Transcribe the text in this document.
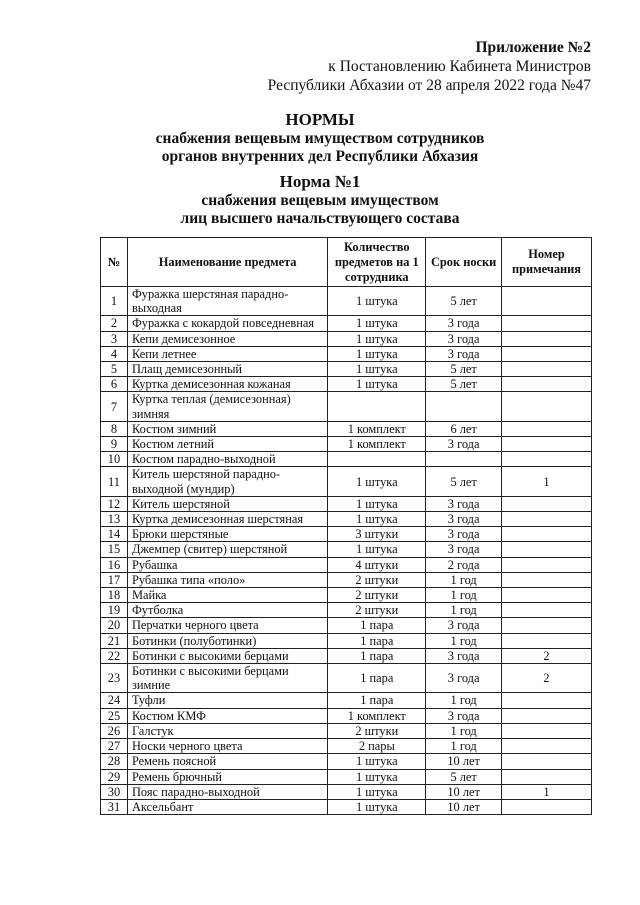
Приложение №2
к Постановлению Кабинета Министров
Республики Абхазии от 28 апреля 2022 года №47
НОРМЫ
снабжения вещевым имуществом сотрудников
органов внутренних дел Республики Абхазия
Норма №1
снабжения вещевым имуществом
лиц высшего начальствующего состава
№	Наименование предмета	Количество предметов на 1 сотрудника	Срок носки	Номер примечания
1	Фуражка шерстяная парадно-выходная	1 штука	5 лет	
2	Фуражка с кокардой повседневная	1 штука	3 года	
3	Кепи демисезонное	1 штука	3 года	
4	Кепи летнее	1 штука	3 года	
5	Плащ демисезонный	1 штука	5 лет	
6	Куртка демисезонная кожаная	1 штука	5 лет	
7	Куртка теплая (демисезонная) зимняя			
8	Костюм зимний	1 комплект	6 лет	
9	Костюм летний	1 комплект	3 года	
10	Костюм парадно-выходной			
11	Китель шерстяной парадно-выходной (мундир)	1 штука	5 лет	1
12	Китель шерстяной	1 штука	3 года	
13	Куртка демисезонная шерстяная	1 штука	3 года	
14	Брюки шерстяные	3 штуки	3 года	
15	Джемпер (свитер) шерстяной	1 штука	3 года	
16	Рубашка	4 штуки	2 года	
17	Рубашка типа «поло»	2 штуки	1 год	
18	Майка	2 штуки	1 год	
19	Футболка	2 штуки	1 год	
20	Перчатки черного цвета	1 пара	3 года	
21	Ботинки (полуботинки)	1 пара	1 год	
22	Ботинки с высокими берцами	1 пара	3 года	2
23	Ботинки с высокими берцами зимние	1 пара	3 года	2
24	Туфли	1 пара	1 год	
25	Костюм КМФ	1 комплект	3 года	
26	Галстук	2 штуки	1 год	
27	Носки черного цвета	2 пары	1 год	
28	Ремень поясной	1 штука	10 лет	
29	Ремень брючный	1 штука	5 лет	
30	Пояс парадно-выходной	1 штука	10 лет	1
31	Аксельбант	1 штука	10 лет	
